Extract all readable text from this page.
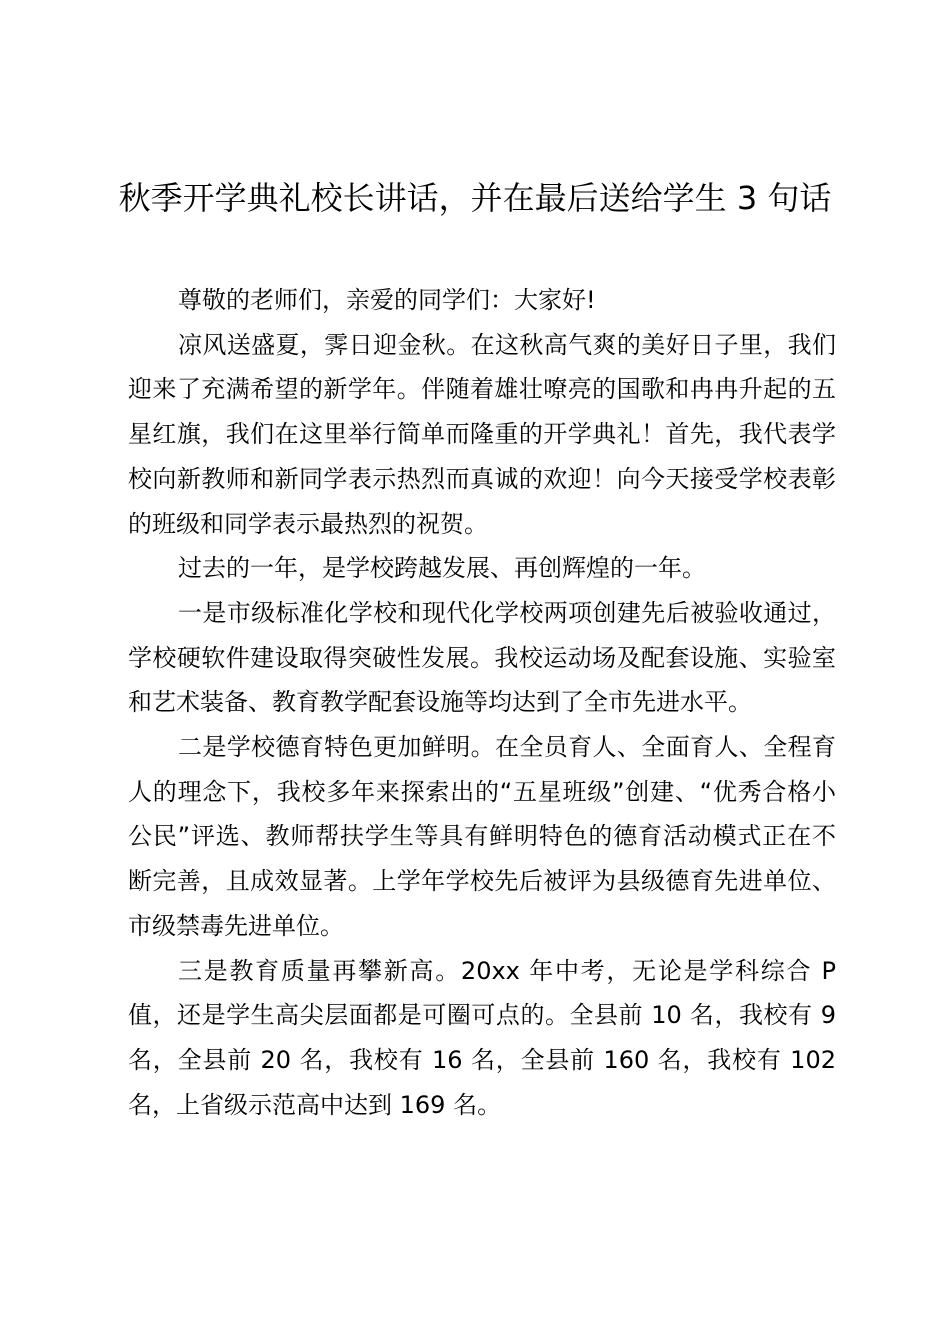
秋季开学典礼校长讲话，并在最后送给学生 3 句话

尊敬的老师们，亲爱的同学们：大家好!

凉风送盛夏，霁日迎金秋。在这秋高气爽的美好日子里，我们迎来了充满希望的新学年。伴随着雄壮嘹亮的国歌和冉冉升起的五星红旗，我们在这里举行简单而隆重的开学典礼！首先，我代表学校向新教师和新同学表示热烈而真诚的欢迎！向今天接受学校表彰的班级和同学表示最热烈的祝贺。

过去的一年，是学校跨越发展、再创辉煌的一年。

一是市级标准化学校和现代化学校两项创建先后被验收通过，学校硬软件建设取得突破性发展。我校运动场及配套设施、实验室和艺术装备、教育教学配套设施等均达到了全市先进水平。

二是学校德育特色更加鲜明。在全员育人、全面育人、全程育人的理念下，我校多年来探索出的“五星班级”创建、“优秀合格小公民”评选、教师帮扶学生等具有鲜明特色的德育活动模式正在不断完善，且成效显著。上学年学校先后被评为县级德育先进单位、市级禁毒先进单位。

三是教育质量再攀新高。20xx 年中考，无论是学科综合 P 值，还是学生高尖层面都是可圈可点的。全县前 10 名，我校有 9 名，全县前 20 名，我校有 16 名，全县前 160 名，我校有 102 名，上省级示范高中达到 169 名。
